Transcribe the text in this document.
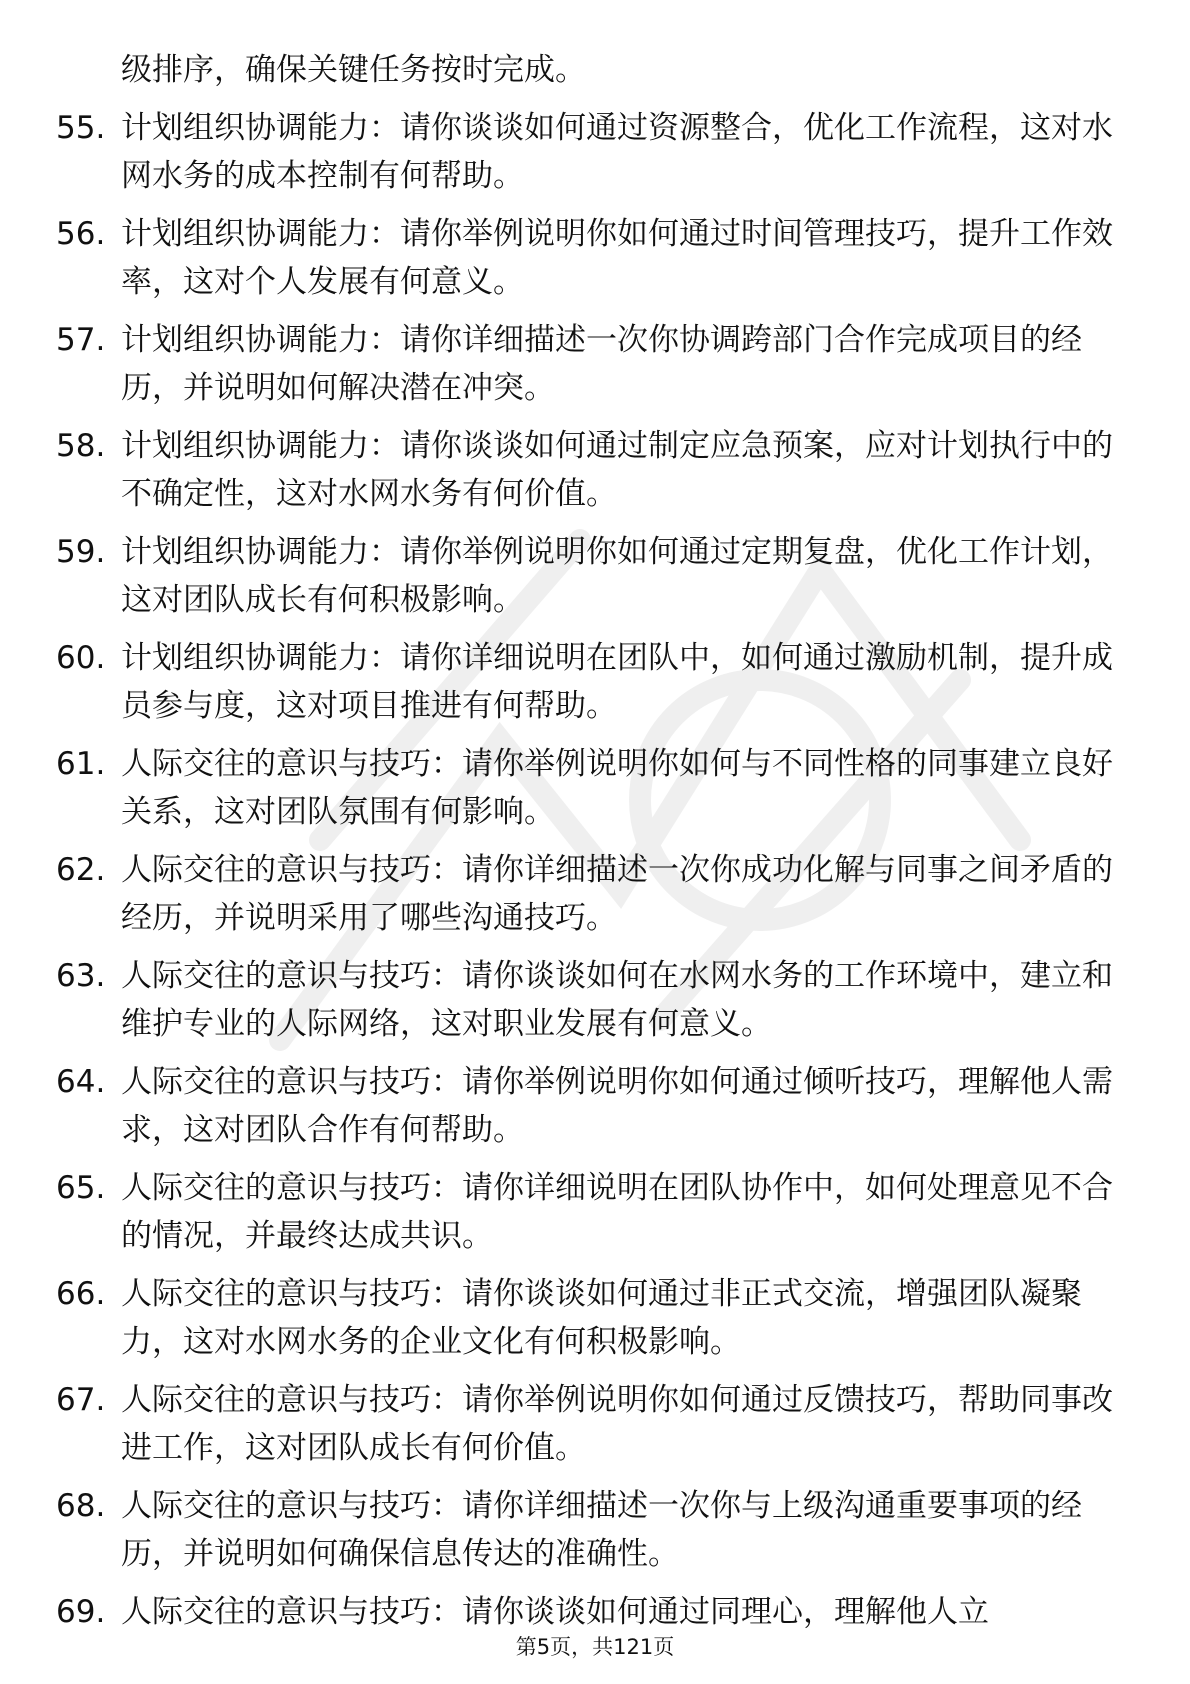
级排序，确保关键任务按时完成。
55. 计划组织协调能力：请你谈谈如何通过资源整合，优化工作流程，这对水网水务的成本控制有何帮助。
56. 计划组织协调能力：请你举例说明你如何通过时间管理技巧，提升工作效率，这对个人发展有何意义。
57. 计划组织协调能力：请你详细描述一次你协调跨部门合作完成项目的经历，并说明如何解决潜在冲突。
58. 计划组织协调能力：请你谈谈如何通过制定应急预案，应对计划执行中的不确定性，这对水网水务有何价值。
59. 计划组织协调能力：请你举例说明你如何通过定期复盘，优化工作计划，这对团队成长有何积极影响。
60. 计划组织协调能力：请你详细说明在团队中，如何通过激励机制，提升成员参与度，这对项目推进有何帮助。
61. 人际交往的意识与技巧：请你举例说明你如何与不同性格的同事建立良好关系，这对团队氛围有何影响。
62. 人际交往的意识与技巧：请你详细描述一次你成功化解与同事之间矛盾的经历，并说明采用了哪些沟通技巧。
63. 人际交往的意识与技巧：请你谈谈如何在水网水务的工作环境中，建立和维护专业的人际网络，这对职业发展有何意义。
64. 人际交往的意识与技巧：请你举例说明你如何通过倾听技巧，理解他人需求，这对团队合作有何帮助。
65. 人际交往的意识与技巧：请你详细说明在团队协作中，如何处理意见不合的情况，并最终达成共识。
66. 人际交往的意识与技巧：请你谈谈如何通过非正式交流，增强团队凝聚力，这对水网水务的企业文化有何积极影响。
67. 人际交往的意识与技巧：请你举例说明你如何通过反馈技巧，帮助同事改进工作，这对团队成长有何价值。
68. 人际交往的意识与技巧：请你详细描述一次你与上级沟通重要事项的经历，并说明如何确保信息传达的准确性。
69. 人际交往的意识与技巧：请你谈谈如何通过同理心，理解他人立
第5页，共121页
